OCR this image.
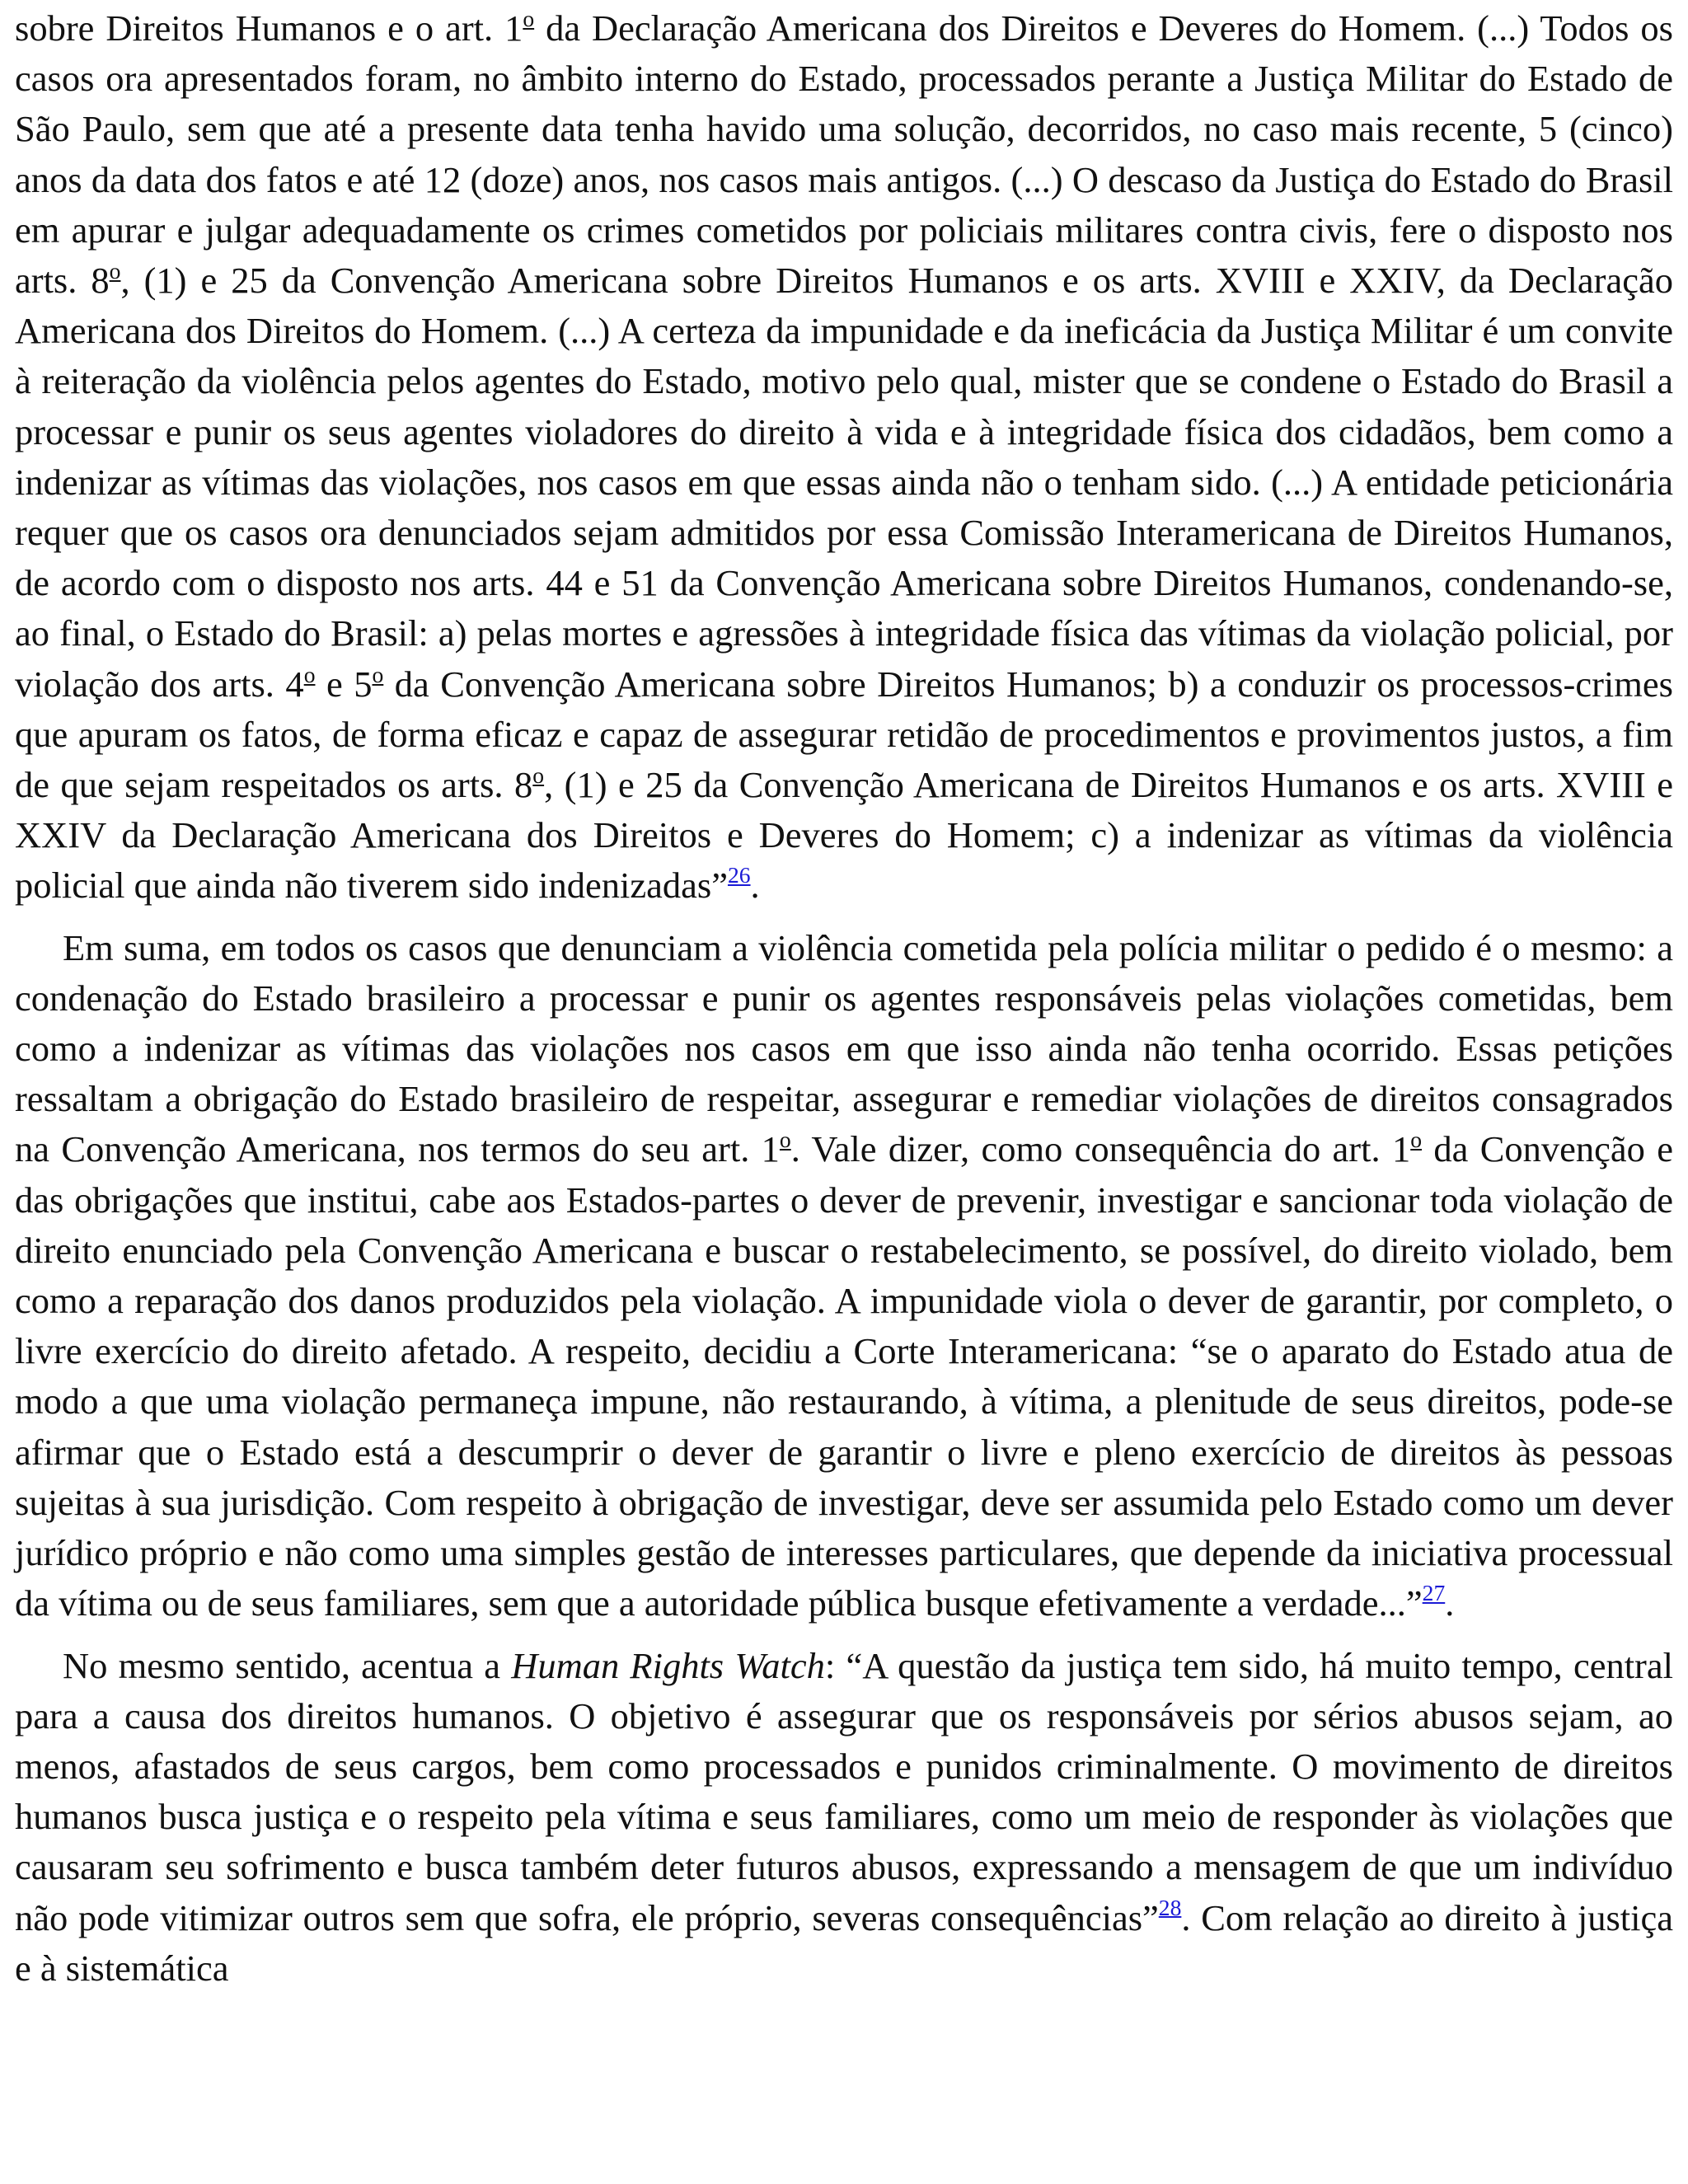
sobre Direitos Humanos e o art. 1$^o$ da Declaração Americana dos Direitos e Deveres do Homem. (...) Todos os casos ora apresentados foram, no âmbito interno do Estado, processados perante a Justiça Militar do Estado de São Paulo, sem que até a presente data tenha havido uma solução, decorridos, no caso mais recente, 5 (cinco) anos da data dos fatos e até 12 (doze) anos, nos casos mais antigos. (...) O descaso da Justiça do Estado do Brasil em apurar e julgar adequadamente os crimes cometidos por policiais militares contra civis, fere o disposto nos arts. 8$^o$, (1) e 25 da Convenção Americana sobre Direitos Humanos e os arts. XVIII e XXIV, da Declaração Americana dos Direitos do Homem. (...) A certeza da impunidade e da ineficácia da Justiça Militar é um convite à reiteração da violência pelos agentes do Estado, motivo pelo qual, mister que se condene o Estado do Brasil a processar e punir os seus agentes violadores do direito à vida e à integridade física dos cidadãos, bem como a indenizar as vítimas das violações, nos casos em que essas ainda não o tenham sido. (...) A entidade peticionária requer que os casos ora denunciados sejam admitidos por essa Comissão Interamericana de Direitos Humanos, de acordo com o disposto nos arts. 44 e 51 da Convenção Americana sobre Direitos Humanos, condenando-se, ao final, o Estado do Brasil: a) pelas mortes e agressões à integridade física das vítimas da violação policial, por violação dos arts. 4$^o$ e 5$^o$ da Convenção Americana sobre Direitos Humanos; b) a conduzir os processos-crimes que apuram os fatos, de forma eficaz e capaz de assegurar retidão de procedimentos e provimentos justos, a fim de que sejam respeitados os arts. 8$^o$, (1) e 25 da Convenção Americana de Direitos Humanos e os arts. XVIII e XXIV da Declaração Americana dos Direitos e Deveres do Homem; c) a indenizar as vítimas da violência policial que ainda não tiverem sido indenizadas”$^{26}$.

Em suma, em todos os casos que denunciam a violência cometida pela polícia militar o pedido é o mesmo: a condenação do Estado brasileiro a processar e punir os agentes responsáveis pelas violações cometidas, bem como a indenizar as vítimas das violações nos casos em que isso ainda não tenha ocorrido. Essas petições ressaltam a obrigação do Estado brasileiro de respeitar, assegurar e remediar violações de direitos consagrados na Convenção Americana, nos termos do seu art. 1$^o$. Vale dizer, como consequência do art. 1$^o$ da Convenção e das obrigações que institui, cabe aos Estados-partes o dever de prevenir, investigar e sancionar toda violação de direito enunciado pela Convenção Americana e buscar o restabelecimento, se possível, do direito violado, bem como a reparação dos danos produzidos pela violação. A impunidade viola o dever de garantir, por completo, o livre exercício do direito afetado. A respeito, decidiu a Corte Interamericana: “se o aparato do Estado atua de modo a que uma violação permaneça impune, não restaurando, à vítima, a plenitude de seus direitos, pode-se afirmar que o Estado está a descumprir o dever de garantir o livre e pleno exercício de direitos às pessoas sujeitas à sua jurisdição. Com respeito à obrigação de investigar, deve ser assumida pelo Estado como um dever jurídico próprio e não como uma simples gestão de interesses particulares, que depende da iniciativa processual da vítima ou de seus familiares, sem que a autoridade pública busque efetivamente a verdade...”$^{27}$.

No mesmo sentido, acentua a Human Rights Watch: “A questão da justiça tem sido, há muito tempo, central para a causa dos direitos humanos. O objetivo é assegurar que os responsáveis por sérios abusos sejam, ao menos, afastados de seus cargos, bem como processados e punidos criminalmente. O movimento de direitos humanos busca justiça e o respeito pela vítima e seus familiares, como um meio de responder às violações que causaram seu sofrimento e busca também deter futuros abusos, expressando a mensagem de que um indivíduo não pode vitimizar outros sem que sofra, ele próprio, severas consequências”$^{28}$. Com relação ao direito à justiça e à sistemática
